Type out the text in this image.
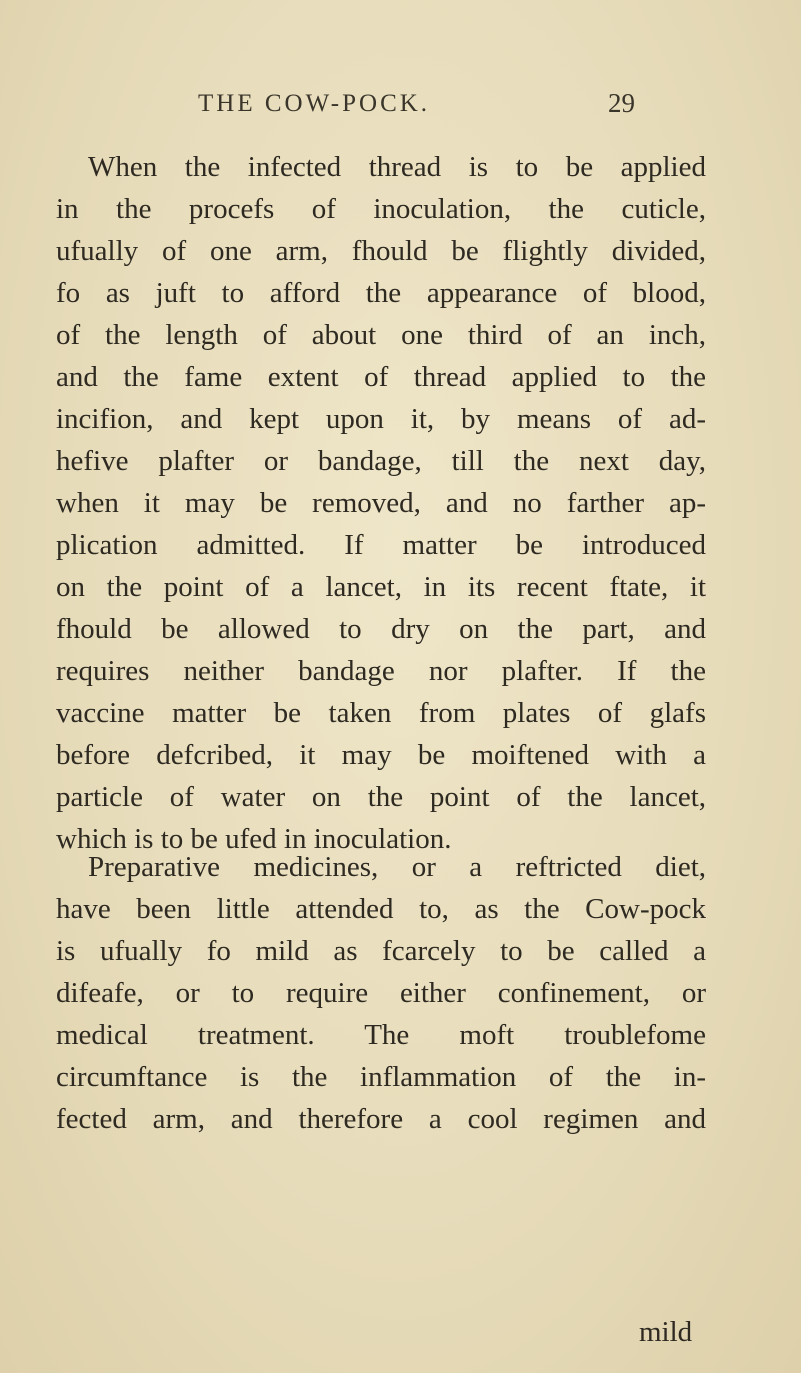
THE COW-POCK.	29
When the infected thread is to be applied
in the procefs of inoculation, the cuticle,
ufually of one arm, fhould be flightly divided,
fo as juft to afford the appearance of blood,
of the length of about one third of an inch,
and the fame extent of thread applied to the
incifion, and kept upon it, by means of ad-
hefive plafter or bandage, till the next day,
when it may be removed, and no farther ap-
plication admitted. If matter be introduced
on the point of a lancet, in its recent ftate, it
fhould be allowed to dry on the part, and
requires neither bandage nor plafter. If the
vaccine matter be taken from plates of glafs
before defcribed, it may be moiftened with a
particle of water on the point of the lancet,
which is to be ufed in inoculation.
Preparative medicines, or a reftricted diet,
have been little attended to, as the Cow-pock
is ufually fo mild as fcarcely to be called a
difeafe, or to require either confinement, or
medical treatment. The moft troublefome
circumftance is the inflammation of the in-
fected arm, and therefore a cool regimen and
mild
